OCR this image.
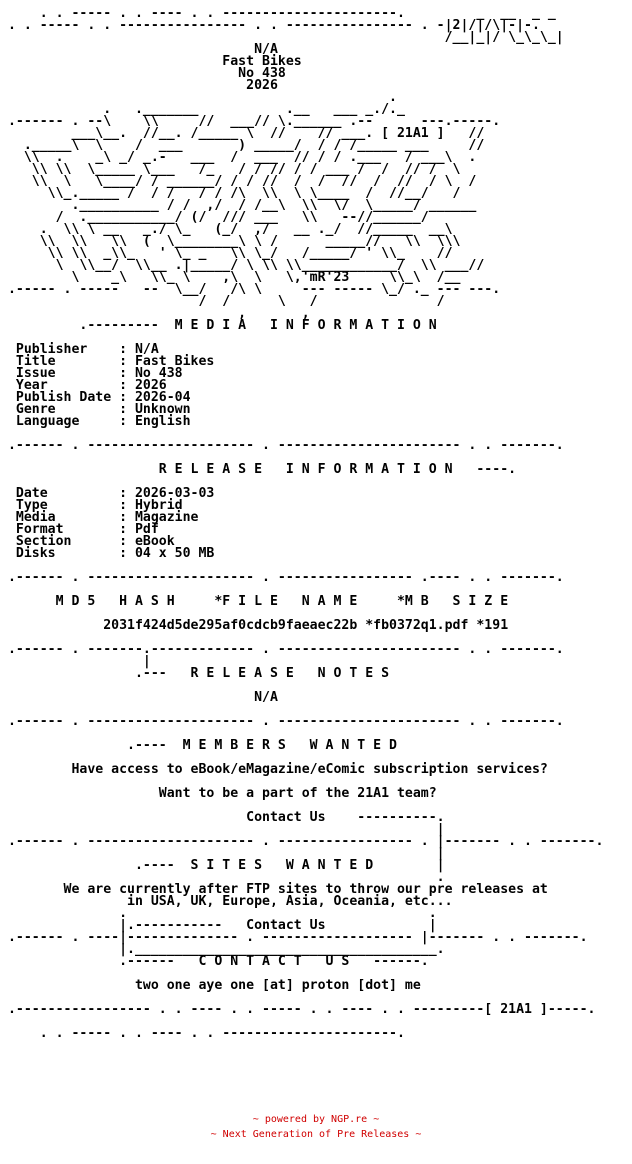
. . ----- . . ---- . . ----------------------.         _  __  _ _
. . ----- . . ---------------- . . ---------------- . -|2|/|/\|-|-.
/__|_|/ \_\_\_|
N/A
Fast Bikes
No 438
2026
.
.   ._______           .__   ___ _./._
.------ . --\    \\     //  ___// \.______ .--      ---.-----.
___\__.  //__. /_____ \  //    // ___. [ 21A1 ]   //
._____\  \    /  ___       ) _____/  / / /_____ ___     //
\\  .    _\ _/ _.-   ___  /  ___  // / / .___   / ___\  .
\\ \\  \_____ \___   /_   / / // / / ___ /  /  // /  \
\\  \   \____/ / ______/ / / //  /  /  //  /  //  / \  /
\\_._____ /  / /   / / /\  \\  \ \____  /  //__/   /
.__________ / /  ,/  / /__\  \\  \/  \_____/ ______
/  .___________/ (/  /// ___   \\   --//______/
.  \\ \ __   _./ \_   (_/  ,/   __ ._/  //_____  __\
\\  \\   \\  (  \________\ \ /      _____//   \\  \\\
\\ \\  _\\_   ' \_ _   \\ \_/   /_____/ ' \\_    //
\  \\__/  \\__ .|_____/ \ \\ \\____________/  \\ ___//
\    _\   \\_ \    ,\  \   \,'mR'23     \\_\  /__
.----- . -----   --  \__/   /\ \     --- ----- \_/ ._ --- ---.
/  /      \   /               /
,       ,
.---------  M E D I A   I N F O R M A T I O N
Publisher    : N/A
Title        : Fast Bikes
Issue        : No 438
Year         : 2026
Publish Date : 2026-04
Genre        : Unknown
Language     : English
.------ . --------------------- . ----------------------- . . -------.
R E L E A S E   I N F O R M A T I O N   ----.
Date         : 2026-03-03
Type         : Hybrid
Media        : Magazine
Format       : Pdf
Section      : eBook
Disks        : 04 x 50 MB
.------ . --------------------- . ----------------- .---- . . -------.
M D 5   H A S H     *F I L E   N A M E     *M B   S I Z E
2031f424d5de295af0cdcb9faeaec22b *fb0372q1.pdf *191
.------ . -------.------------- . ----------------------- . . -------.
|
.---   R E L E A S E   N O T E S
N/A
.------ . --------------------- . ----------------------- . . -------.
.----  M E M B E R S   W A N T E D
Have access to eBook/eMagazine/eComic subscription services?
Want to be a part of the 21A1 team?
Contact Us    ----------.
|
.------ . --------------------- . ----------------- . |------- . . -------.
|
.----  S I T E S   W A N T E D        |
.
We are currently after FTP sites to throw our pre releases at
in USA, UK, Europe, Asia, Oceania, etc...
.                                      .
|.-----------   Contact Us             |
.------ . ----|-------------- . ------------------- |------- . . -------.
|.______________________________________.
.------   C O N T A C T   U S   ------.
two one aye one [at] proton [dot] me
.----------------- . . ---- . . ----- . . ---- . . ---------[ 21A1 ]-----.
. . ----- . . ---- . . ----------------------.
~ powered by NGP.re ~
~ Next Generation of Pre Releases ~
